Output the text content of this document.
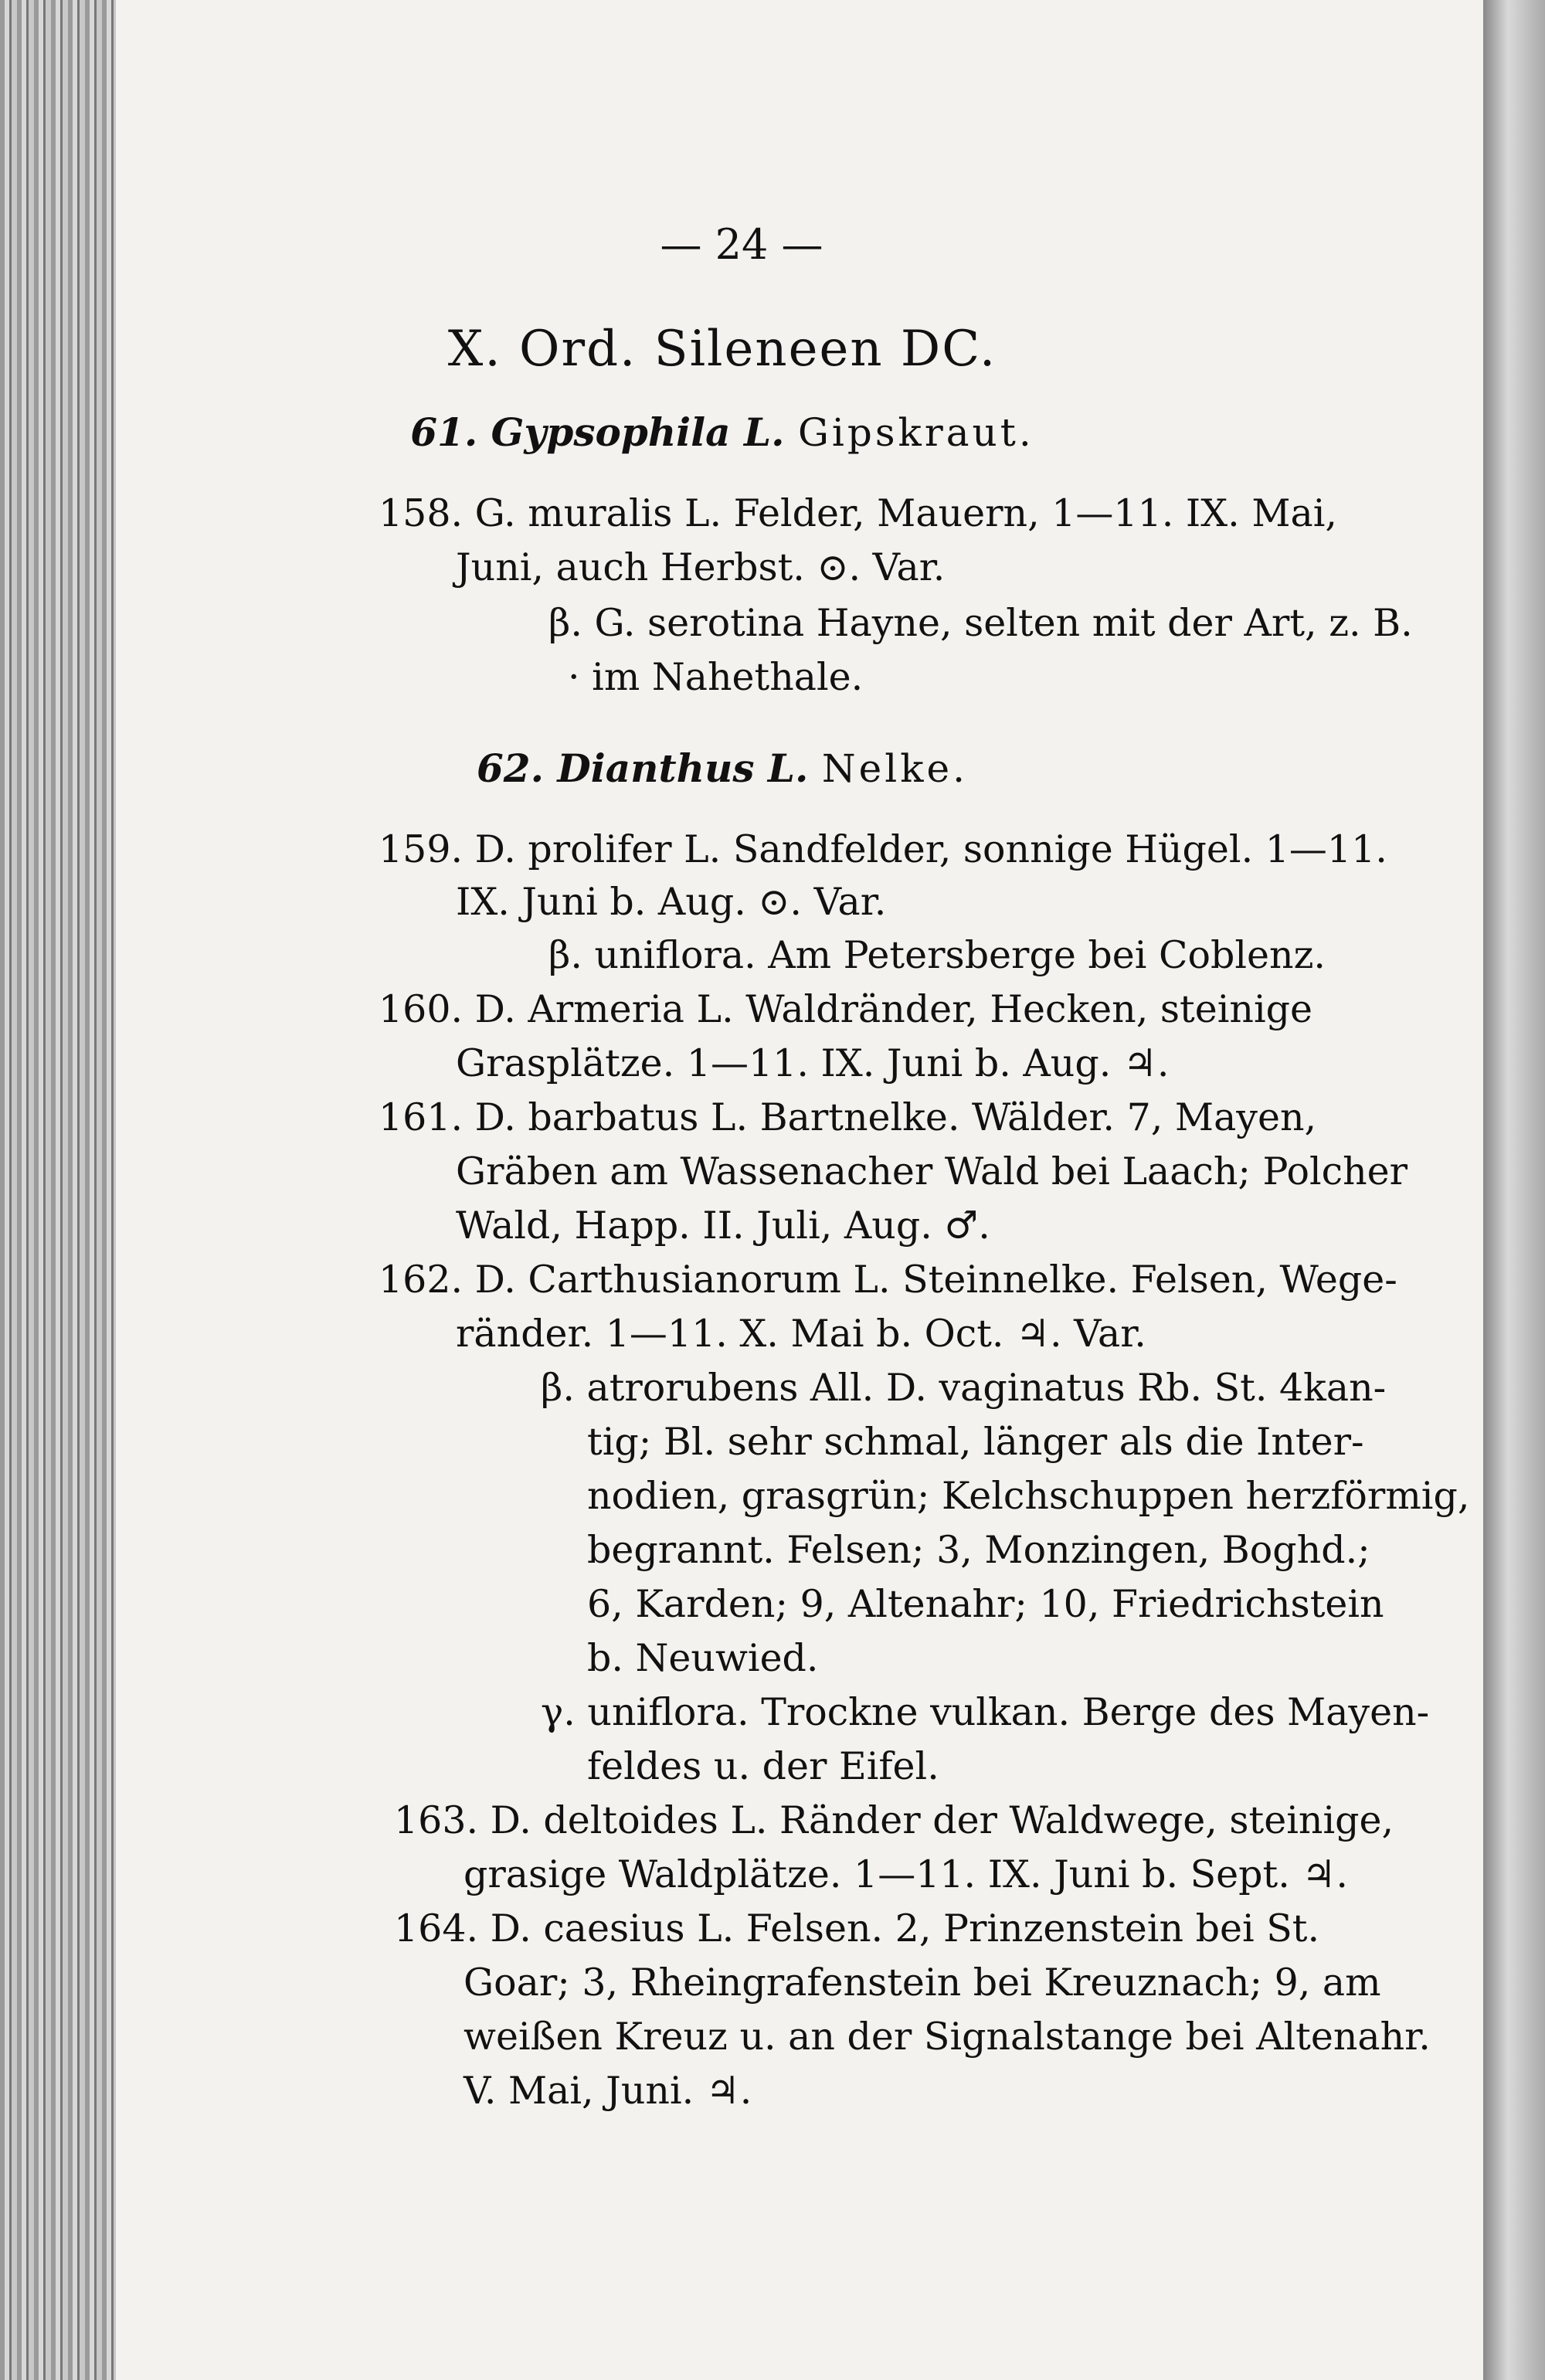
— 24 —
X. Ord. Sileneen DC.
61. Gypsophila L. Gipskraut.
158. G. muralis L. Felder, Mauern, 1—11. IX. Mai,
Juni, auch Herbst. ⊙. Var.
β. G. serotina Hayne, selten mit der Art, z. B.
· im Nahethale.
62. Dianthus L. Nelke.
159. D. prolifer L. Sandfelder, sonnige Hügel. 1—11.
IX. Juni b. Aug. ⊙. Var.
β. uniflora. Am Petersberge bei Coblenz.
160. D. Armeria L. Waldränder, Hecken, steinige
Grasplätze. 1—11. IX. Juni b. Aug. ♃.
161. D. barbatus L. Bartnelke. Wälder. 7, Mayen,
Gräben am Wassenacher Wald bei Laach; Polcher
Wald, Happ. II. Juli, Aug. ♂.
162. D. Carthusianorum L. Steinnelke. Felsen, Wege-
ränder. 1—11. X. Mai b. Oct. ♃. Var.
β. atrorubens All. D. vaginatus Rb. St. 4kan-
tig; Bl. sehr schmal, länger als die Inter-
nodien, grasgrün; Kelchschuppen herzförmig,
begrannt. Felsen; 3, Monzingen, Boghd.;
6, Karden; 9, Altenahr; 10, Friedrichstein
b. Neuwied.
γ. uniflora. Trockne vulkan. Berge des Mayen-
feldes u. der Eifel.
163. D. deltoides L. Ränder der Waldwege, steinige,
grasige Waldplätze. 1—11. IX. Juni b. Sept. ♃.
164. D. caesius L. Felsen. 2, Prinzenstein bei St.
Goar; 3, Rheingrafenstein bei Kreuznach; 9, am
weißen Kreuz u. an der Signalstange bei Altenahr.
V. Mai, Juni. ♃.
